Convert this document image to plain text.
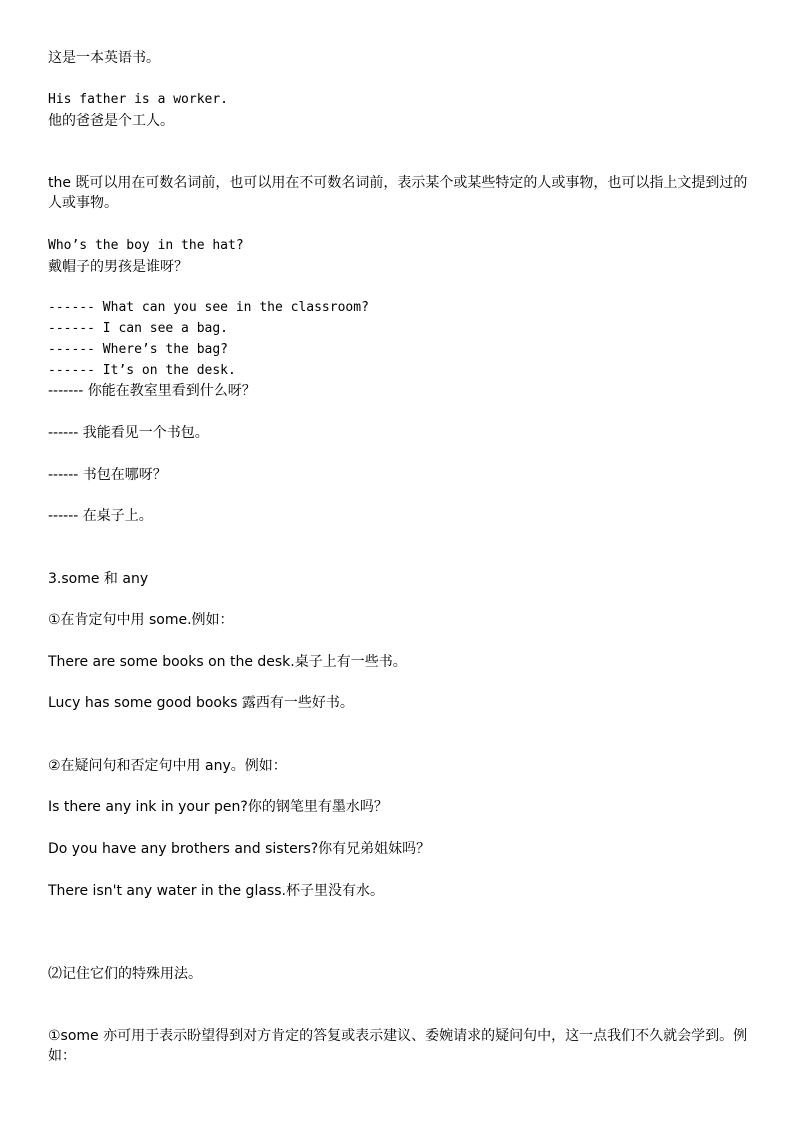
这是一本英语书。
His father is a worker.
他的爸爸是个工人。
the 既可以用在可数名词前，也可以用在不可数名词前，表示某个或某些特定的人或事物，也可以指上文提到过的人或事物。
Who’s the boy in the hat?
戴帽子的男孩是谁呀？
------ What can you see in the classroom?
------ I can see a bag.
------ Where’s the bag?
------ It’s on the desk.
------- 你能在教室里看到什么呀？
------ 我能看见一个书包。
------ 书包在哪呀？
------ 在桌子上。
3.some 和 any
①在肯定句中用 some.例如：
There are some books on the desk.桌子上有一些书。
Lucy has some good books 露西有一些好书。
②在疑问句和否定句中用 any。例如：
Is there any ink in your pen?你的钢笔里有墨水吗？
Do you have any brothers and sisters?你有兄弟姐妹吗？
There isn't any water in the glass.杯子里没有水。
⑵记住它们的特殊用法。
①some 亦可用于表示盼望得到对方肯定的答复或表示建议、委婉请求的疑问句中，这一点我们不久就会学到。例如：
